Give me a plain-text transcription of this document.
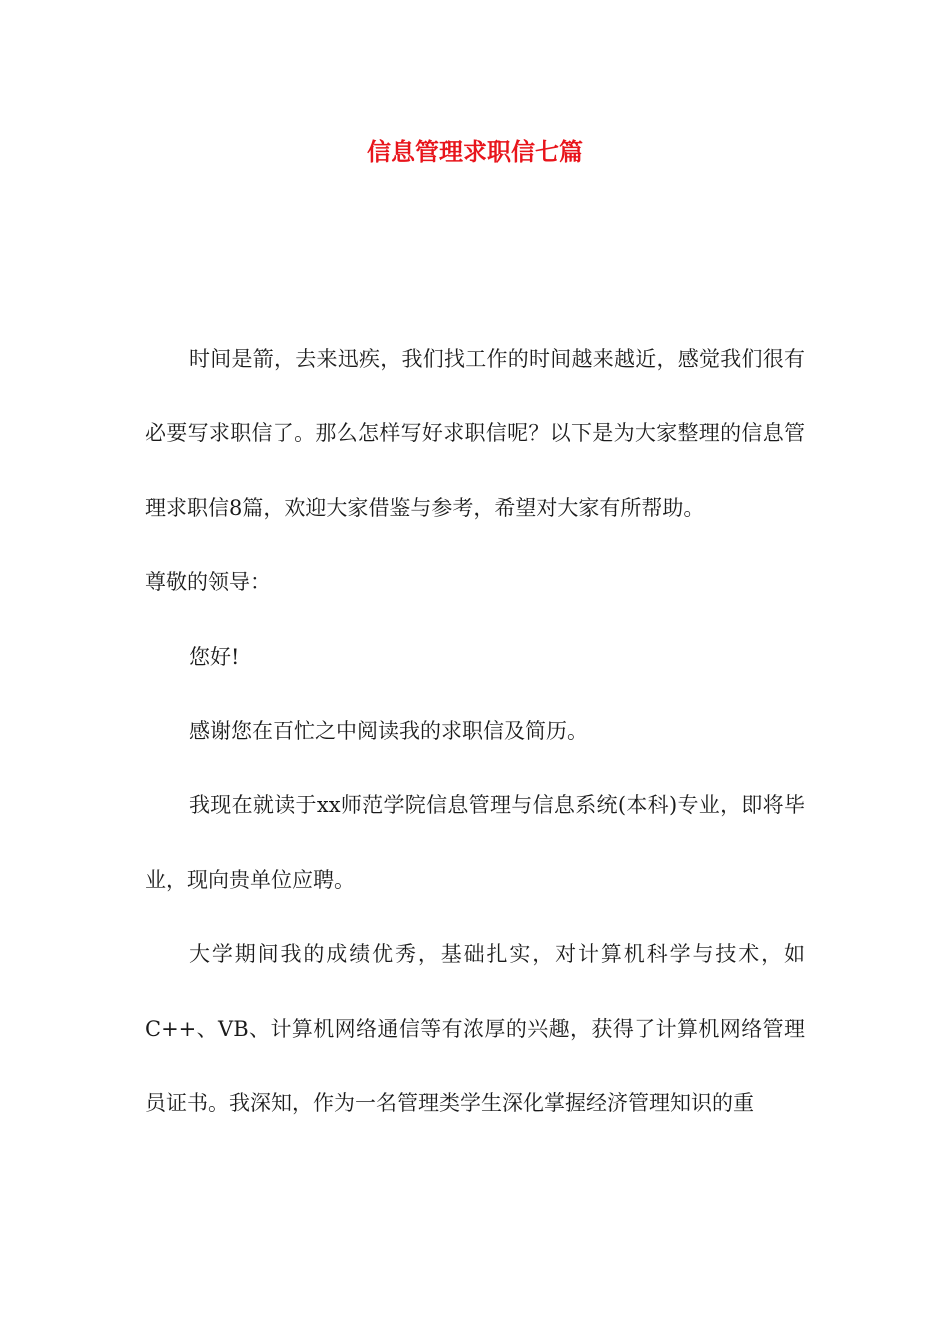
信息管理求职信七篇

时间是箭，去来迅疾，我们找工作的时间越来越近，感觉我们很有必要写求职信了。那么怎样写好求职信呢？以下是为大家整理的信息管理求职信8篇，欢迎大家借鉴与参考，希望对大家有所帮助。

尊敬的领导：

您好!

感谢您在百忙之中阅读我的求职信及简历。

我现在就读于xx师范学院信息管理与信息系统(本科)专业，即将毕业，现向贵单位应聘。

大学期间我的成绩优秀，基础扎实，对计算机科学与技术，如C++、VB、计算机网络通信等有浓厚的兴趣，获得了计算机网络管理员证书。我深知，作为一名管理类学生深化掌握经济管理知识的重
